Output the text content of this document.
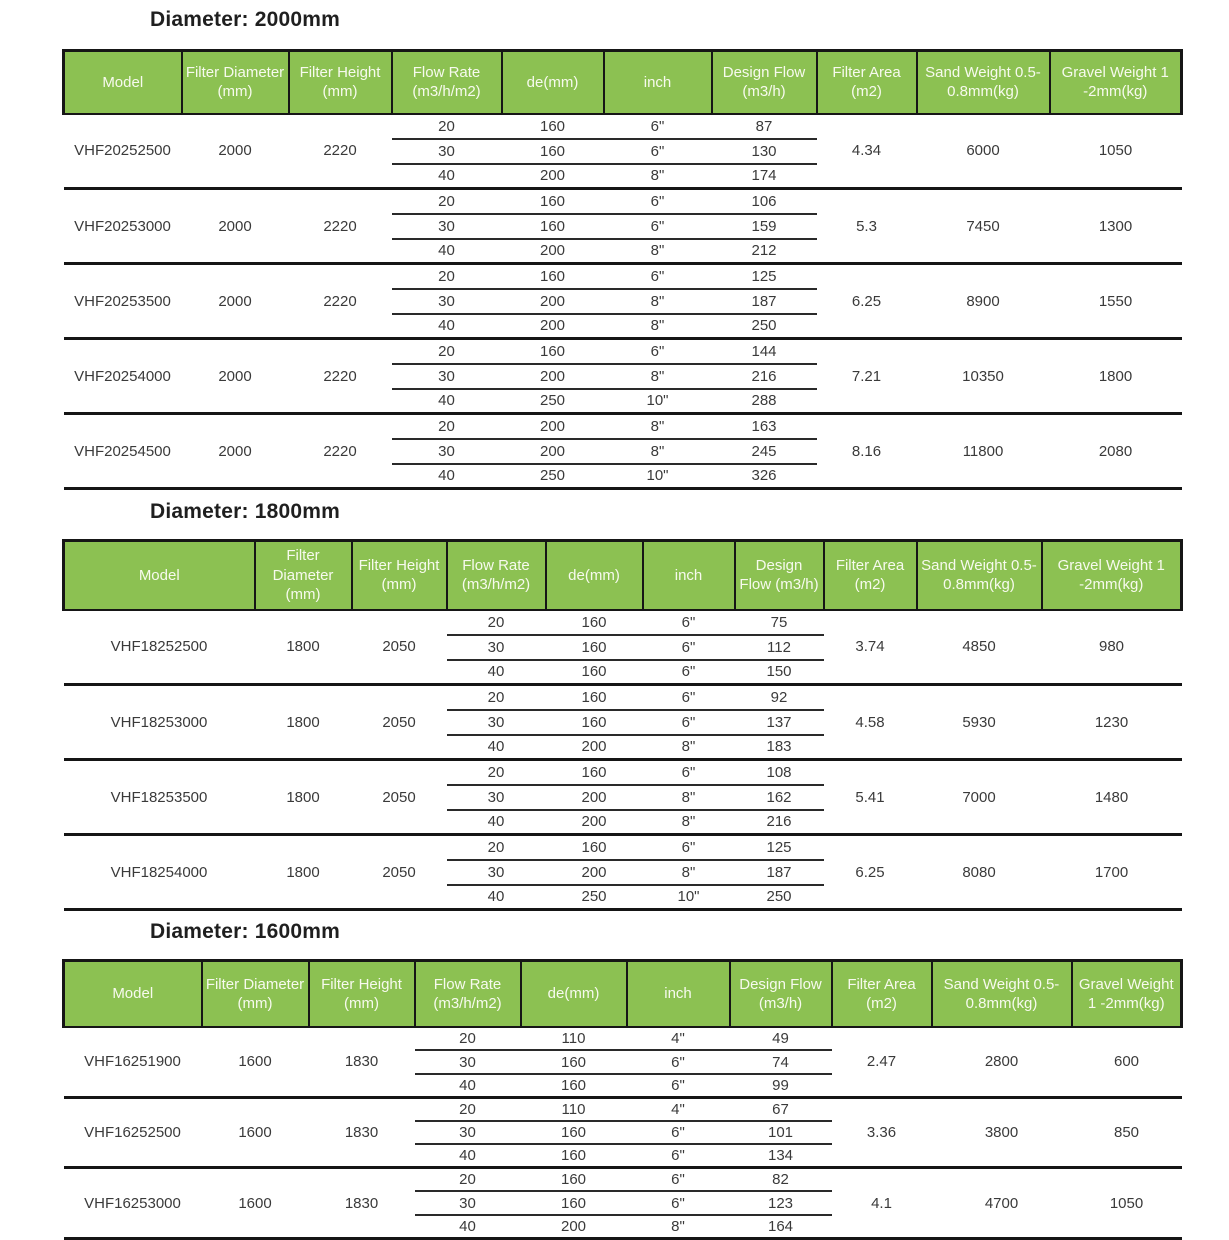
Diameter: 2000mm
Model	Filter Diameter (mm)	Filter Height (mm)	Flow Rate (m3/h/m2)	de(mm)	inch	Design Flow (m3/h)	Filter Area (m2)	Sand Weight 0.5-0.8mm(kg)	Gravel Weight 1 -2mm(kg)
VHF20252500	2000	2220	20	160	6"	87	4.34	6000	1050
			30	160	6"	130			
			40	200	8"	174			
VHF20253000	2000	2220	20	160	6"	106	5.3	7450	1300
			30	160	6"	159			
			40	200	8"	212			
VHF20253500	2000	2220	20	160	6"	125	6.25	8900	1550
			30	200	8"	187			
			40	200	8"	250			
VHF20254000	2000	2220	20	160	6"	144	7.21	10350	1800
			30	200	8"	216			
			40	250	10"	288			
VHF20254500	2000	2220	20	200	8"	163	8.16	11800	2080
			30	200	8"	245			
			40	250	10"	326			
Diameter: 1800mm
Model	Filter Diameter (mm)	Filter Height (mm)	Flow Rate (m3/h/m2)	de(mm)	inch	Design Flow (m3/h)	Filter Area (m2)	Sand Weight 0.5-0.8mm(kg)	Gravel Weight 1 -2mm(kg)
VHF18252500	1800	2050	20	160	6"	75	3.74	4850	980
			30	160	6"	112			
			40	160	6"	150			
VHF18253000	1800	2050	20	160	6"	92	4.58	5930	1230
			30	160	6"	137			
			40	200	8"	183			
VHF18253500	1800	2050	20	160	6"	108	5.41	7000	1480
			30	200	8"	162			
			40	200	8"	216			
VHF18254000	1800	2050	20	160	6"	125	6.25	8080	1700
			30	200	8"	187			
			40	250	10"	250			
Diameter: 1600mm
Model	Filter Diameter (mm)	Filter Height (mm)	Flow Rate (m3/h/m2)	de(mm)	inch	Design Flow (m3/h)	Filter Area (m2)	Sand Weight 0.5-0.8mm(kg)	Gravel Weight 1 -2mm(kg)
VHF16251900	1600	1830	20	110	4"	49	2.47	2800	600
			30	160	6"	74			
			40	160	6"	99			
VHF16252500	1600	1830	20	110	4"	67	3.36	3800	850
			30	160	6"	101			
			40	160	6"	134			
VHF16253000	1600	1830	20	160	6"	82	4.1	4700	1050
			30	160	6"	123			
			40	200	8"	164			
